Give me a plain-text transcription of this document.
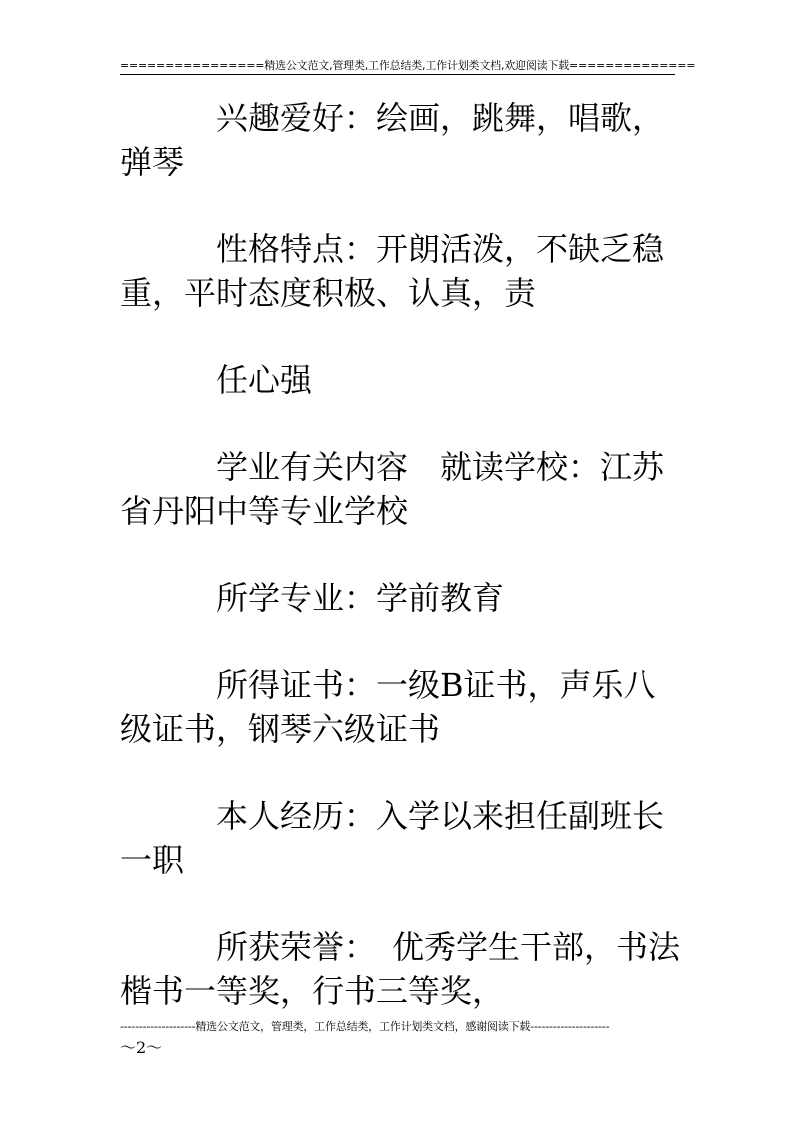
================精选公文范文,管理类,工作总结类,工作计划类文档,欢迎阅读下载==============

兴趣爱好：绘画，跳舞，唱歌，弹琴

性格特点：开朗活泼，不缺乏稳重，平时态度积极、认真，责

任心强

学业有关内容　就读学校：江苏省丹阳中等专业学校

所学专业：学前教育

所得证书：一级B证书，声乐八级证书，钢琴六级证书

本人经历：入学以来担任副班长一职

所获荣誉：　优秀学生干部，书法楷书一等奖，行书三等奖，

--------------------精选公文范文，管理类，工作总结类，工作计划类文档，感谢阅读下载---------------------
～2～
